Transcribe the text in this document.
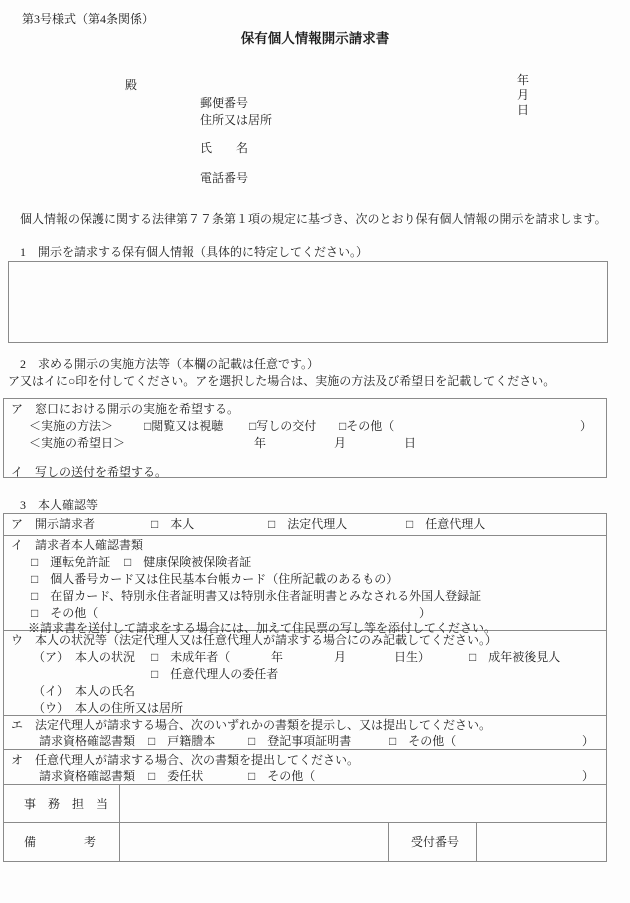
第3号様式（第4条関係）
保有個人情報開示請求書

年
月
日

殿
郵便番号
住所又は居所
氏　　名
電話番号
個人情報の保護に関する法律第７７条第１項の規定に基づき、次のとおり保有個人情報の開示を請求します。
1　開示を請求する保有個人情報（具体的に特定してください。）
2　求める開示の実施方法等（本欄の記載は任意です。）
ア又はイに○印を付してください。アを選択した場合は、実施の方法及び希望日を記載してください。
ア　窓口における開示の実施を希望する。
＜実施の方法＞	□閲覧又は視聴 □写しの交付 □その他（	）
＜実施の希望日＞	年	月	日
イ　写しの送付を希望する。
3　本人確認等
ア　開示請求者	□　本人	□　法定代理人	□　任意代理人
イ　請求者本人確認書類
□　運転免許証 □　健康保険被保険者証
□　個人番号カード又は住民基本台帳カード（住所記載のあるもの）
□　在留カード、特別永住者証明書又は特別永住者証明書とみなされる外国人登録証
□　その他（	）
※請求書を送付して請求をする場合には、加えて住民票の写し等を添付してください。
ウ　本人の状況等（法定代理人又は任意代理人が請求する場合にのみ記載してください。）
（ア）　本人の状況 □　未成年者（	年	月	日生）	□　成年被後見人
□　任意代理人の委任者
（イ）　本人の氏名
（ウ）　本人の住所又は居所
エ　法定代理人が請求する場合、次のいずれかの書類を提示し、又は提出してください。
請求資格確認書類 □　戸籍謄本	□　登記事項証明書	□　その他（	）
オ　任意代理人が請求する場合、次の書類を提出してください。
請求資格確認書類 □　委任状	□　その他（	）
事　務　担　当
備　　　　考	受付番号
